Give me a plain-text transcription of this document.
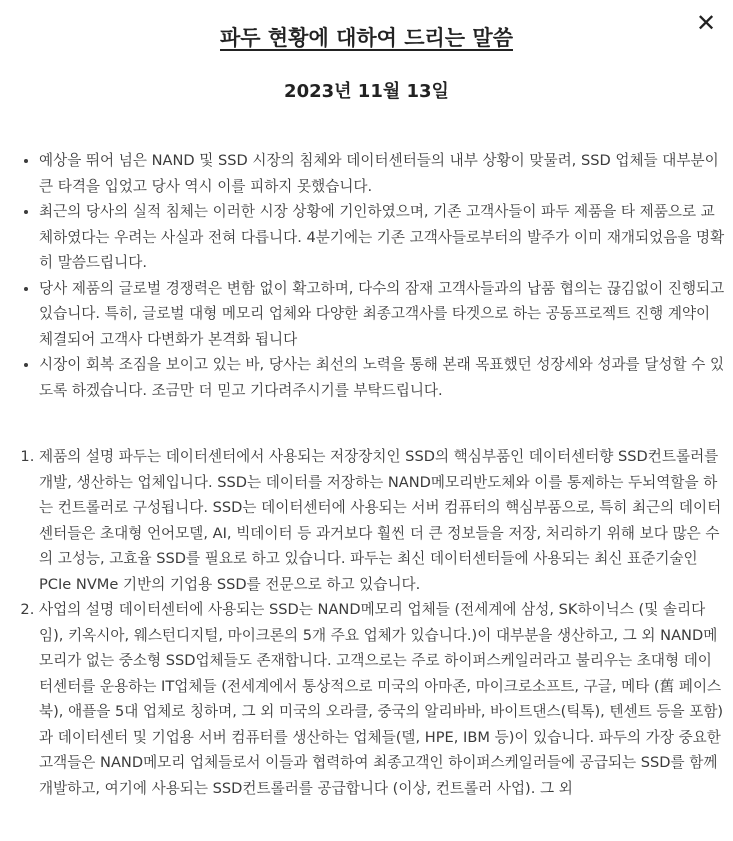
✕
파두 현황에 대하여 드리는 말씀
2023년 11월 13일
• 예상을 뛰어 넘은 NAND 및 SSD 시장의 침체와 데이터센터들의 내부 상황이 맞물려, SSD 업체들 대부분이 큰 타격을 입었고 당사 역시 이를 피하지 못했습니다.
• 최근의 당사의 실적 침체는 이러한 시장 상황에 기인하였으며, 기존 고객사들이 파두 제품을 타 제품으로 교체하였다는 우려는 사실과 전혀 다릅니다. 4분기에는 기존 고객사들로부터의 발주가 이미 재개되었음을 명확히 말씀드립니다.
• 당사 제품의 글로벌 경쟁력은 변함 없이 확고하며, 다수의 잠재 고객사들과의 납품 협의는 끊김없이 진행되고 있습니다. 특히, 글로벌 대형 메모리 업체와 다양한 최종고객사를 타겟으로 하는 공동프로젝트 진행 계약이 체결되어 고객사 다변화가 본격화 됩니다
• 시장이 회복 조짐을 보이고 있는 바, 당사는 최선의 노력을 통해 본래 목표했던 성장세와 성과를 달성할 수 있도록 하겠습니다. 조금만 더 믿고 기다려주시기를 부탁드립니다.
1. 제품의 설명 파두는 데이터센터에서 사용되는 저장장치인 SSD의 핵심부품인 데이터센터향 SSD컨트롤러를 개발, 생산하는 업체입니다. SSD는 데이터를 저장하는 NAND메모리반도체와 이를 통제하는 두뇌역할을 하는 컨트롤러로 구성됩니다. SSD는 데이터센터에 사용되는 서버 컴퓨터의 핵심부품으로, 특히 최근의 데이터센터들은 초대형 언어모델, AI, 빅데이터 등 과거보다 훨씬 더 큰 정보들을 저장, 처리하기 위해 보다 많은 수의 고성능, 고효율 SSD를 필요로 하고 있습니다. 파두는 최신 데이터센터들에 사용되는 최신 표준기술인 PCIe NVMe 기반의 기업용 SSD를 전문으로 하고 있습니다.
2. 사업의 설명 데이터센터에 사용되는 SSD는 NAND메모리 업체들 (전세계에 삼성, SK하이닉스 (및 솔리다임), 키옥시아, 웨스턴디지털, 마이크론의 5개 주요 업체가 있습니다.)이 대부분을 생산하고, 그 외 NAND메모리가 없는 중소형 SSD업체들도 존재합니다. 고객으로는 주로 하이퍼스케일러라고 불리우는 초대형 데이터센터를 운용하는 IT업체들 (전세계에서 통상적으로 미국의 아마존, 마이크로소프트, 구글, 메타 (舊 페이스북), 애플을 5대 업체로 칭하며, 그 외 미국의 오라클, 중국의 알리바바, 바이트댄스(틱톡), 텐센트 등을 포함)과 데이터센터 및 기업용 서버 컴퓨터를 생산하는 업체들(델, HPE, IBM 등)이 있습니다. 파두의 가장 중요한 고객들은 NAND메모리 업체들로서 이들과 협력하여 최종고객인 하이퍼스케일러들에 공급되는 SSD를 함께 개발하고, 여기에 사용되는 SSD컨트롤러를 공급합니다 (이상, 컨트롤러 사업). 그 외
